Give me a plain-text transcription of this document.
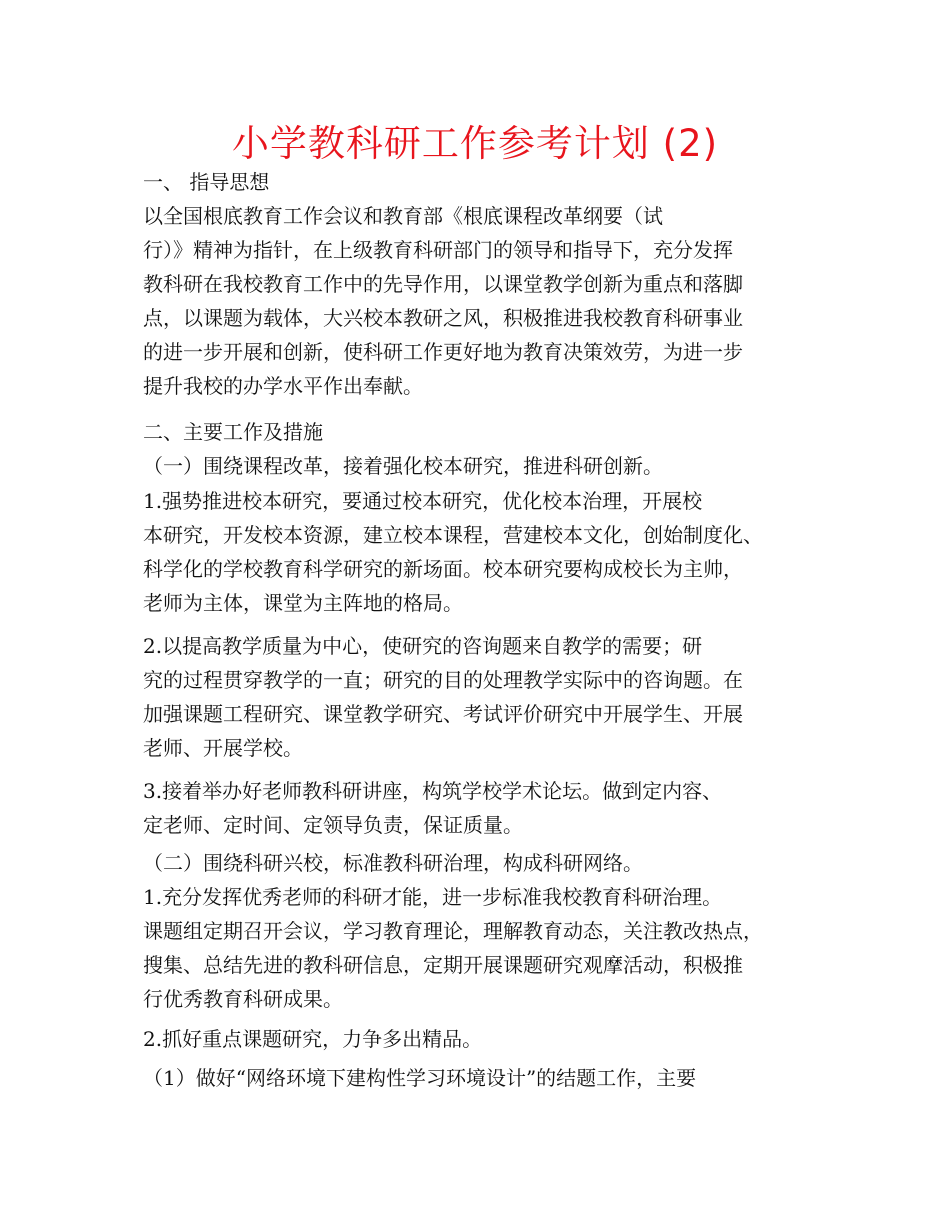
小学教科研工作参考计划 (2)
一、 指导思想
以全国根底教育工作会议和教育部《根底课程改革纲要（试
行）》精神为指针，在上级教育科研部门的领导和指导下，充分发挥
教科研在我校教育工作中的先导作用，以课堂教学创新为重点和落脚
点，以课题为载体，大兴校本教研之风，积极推进我校教育科研事业
的进一步开展和创新，使科研工作更好地为教育决策效劳，为进一步
提升我校的办学水平作出奉献。
二、主要工作及措施
（一）围绕课程改革，接着强化校本研究，推进科研创新。
1.强势推进校本研究，要通过校本研究，优化校本治理，开展校
本研究，开发校本资源，建立校本课程，营建校本文化，创始制度化、
科学化的学校教育科学研究的新场面。校本研究要构成校长为主帅，
老师为主体，课堂为主阵地的格局。
2.以提高教学质量为中心，使研究的咨询题来自教学的需要；研
究的过程贯穿教学的一直；研究的目的处理教学实际中的咨询题。在
加强课题工程研究、课堂教学研究、考试评价研究中开展学生、开展
老师、开展学校。
3.接着举办好老师教科研讲座，构筑学校学术论坛。做到定内容、
定老师、定时间、定领导负责，保证质量。
（二）围绕科研兴校，标准教科研治理，构成科研网络。
1.充分发挥优秀老师的科研才能，进一步标准我校教育科研治理。
课题组定期召开会议，学习教育理论，理解教育动态，关注教改热点，
搜集、总结先进的教科研信息，定期开展课题研究观摩活动，积极推
行优秀教育科研成果。
2.抓好重点课题研究，力争多出精品。
（1）做好“网络环境下建构性学习环境设计”的结题工作，主要
